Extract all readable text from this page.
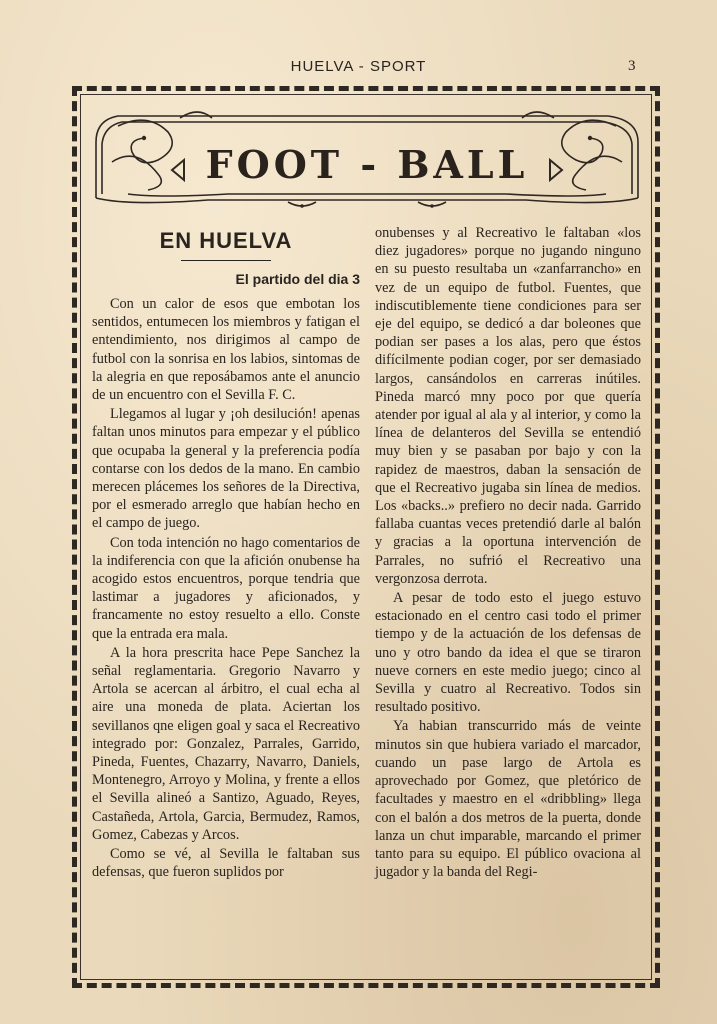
HUELVA - SPORT	3
FOOT - BALL
EN HUELVA
El partido del dia 3

Con un calor de esos que embotan los sentidos, entumecen los miembros y fatigan el entendimiento, nos dirigimos al campo de futbol con la sonrisa en los labios, sintomas de la alegria en que reposábamos ante el anuncio de un encuentro con el Sevilla F. C.

Llegamos al lugar y ¡oh desilución! apenas faltan unos minutos para empezar y el público que ocupaba la general y la preferencia podía contarse con los dedos de la mano. En cambio merecen plácemes los señores de la Directiva, por el esmerado arreglo que habían hecho en el campo de juego.

Con toda intención no hago comentarios de la indiferencia con que la afición onubense ha acogido estos encuentros, porque tendria que lastimar a jugadores y aficionados, y francamente no estoy resuelto a ello. Conste que la entrada era mala.

A la hora prescrita hace Pepe Sanchez la señal reglamentaria. Gregorio Navarro y Artola se acercan al árbitro, el cual echa al aire una moneda de plata. Aciertan los sevillanos qne eligen goal y saca el Recreativo integrado por: Gonzalez, Parrales, Garrido, Pineda, Fuentes, Chazarry, Navarro, Daniels, Montenegro, Arroyo y Molina, y frente a ellos el Sevilla alineó a Santizo, Aguado, Reyes, Castañeda, Artola, Garcia, Bermudez, Ramos, Gomez, Cabezas y Arcos.

Como se vé, al Sevilla le faltaban sus defensas, que fueron suplidos por

onubenses y al Recreativo le faltaban «los diez jugadores» porque no jugando ninguno en su puesto resultaba un «zanfarrancho» en vez de un equipo de futbol. Fuentes, que indiscutiblemente tiene condiciones para ser eje del equipo, se dedicó a dar boleones que podian ser pases a los alas, pero que éstos difícilmente podian coger, por ser demasiado largos, cansándolos en carreras inútiles. Pineda marcó mny poco por que quería atender por igual al ala y al interior, y como la línea de delanteros del Sevilla se entendió muy bien y se pasaban por bajo y con la rapidez de maestros, daban la sensación de que el Recreativo jugaba sin línea de medios. Los «backs..» prefiero no decir nada. Garrido fallaba cuantas veces pretendió darle al balón y gracias a la oportuna intervención de Parrales, no sufrió el Recreativo una vergonzosa derrota.

A pesar de todo esto el juego estuvo estacionado en el centro casi todo el primer tiempo y de la actuación de los defensas de uno y otro bando da idea el que se tiraron nueve corners en este medio juego; cinco al Sevilla y cuatro al Recreativo. Todos sin resultado positivo.

Ya habian transcurrido más de veinte minutos sin que hubiera variado el marcador, cuando un pase largo de Artola es aprovechado por Gomez, que pletórico de facultades y maestro en el «dribbling» llega con el balón a dos metros de la puerta, donde lanza un chut imparable, marcando el primer tanto para su equipo. El público ovaciona al jugador y la banda del Regi-
